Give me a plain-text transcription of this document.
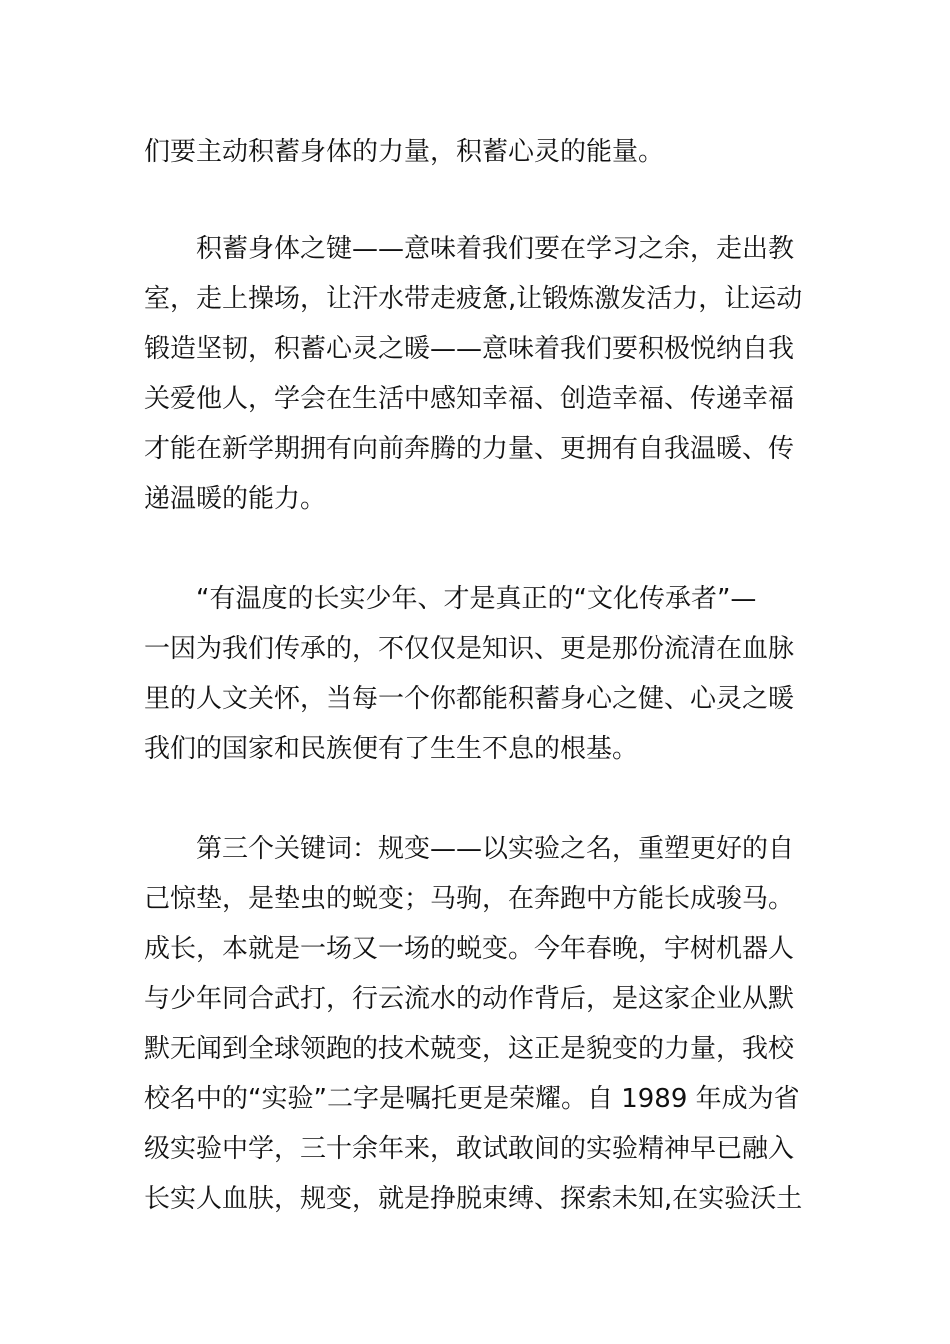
们要主动积蓄身体的力量，积蓄心灵的能量。
积蓄身体之键——意味着我们要在学习之余，走出教
室，走上操场，让汗水带走疲惫,让锻炼激发活力，让运动
锻造坚韧，积蓄心灵之暖——意味着我们要积极悦纳自我
关爱他人，学会在生活中感知幸福、创造幸福、传递幸福
才能在新学期拥有向前奔腾的力量、更拥有自我温暖、传
递温暖的能力。
“有温度的长实少年、才是真正的“文化传承者”—
一因为我们传承的，不仅仅是知识、更是那份流清在血脉
里的人文关怀，当每一个你都能积蓄身心之健、心灵之暖
我们的国家和民族便有了生生不息的根基。
第三个关键词：规变——以实验之名，重塑更好的自
己惊垫，是垫虫的蜕变；马驹，在奔跑中方能长成骏马。
成长，本就是一场又一场的蜕变。今年春晚，宇树机器人
与少年同合武打，行云流水的动作背后，是这家企业从默
默无闻到全球领跑的技术兢变，这正是貌变的力量，我校
校名中的“实验”二字是嘱托更是荣耀。自 1989 年成为省
级实验中学，三十余年来，敢试敢间的实验精神早已融入
长实人血肤，规变，就是挣脱束缚、探索未知,在实验沃土
